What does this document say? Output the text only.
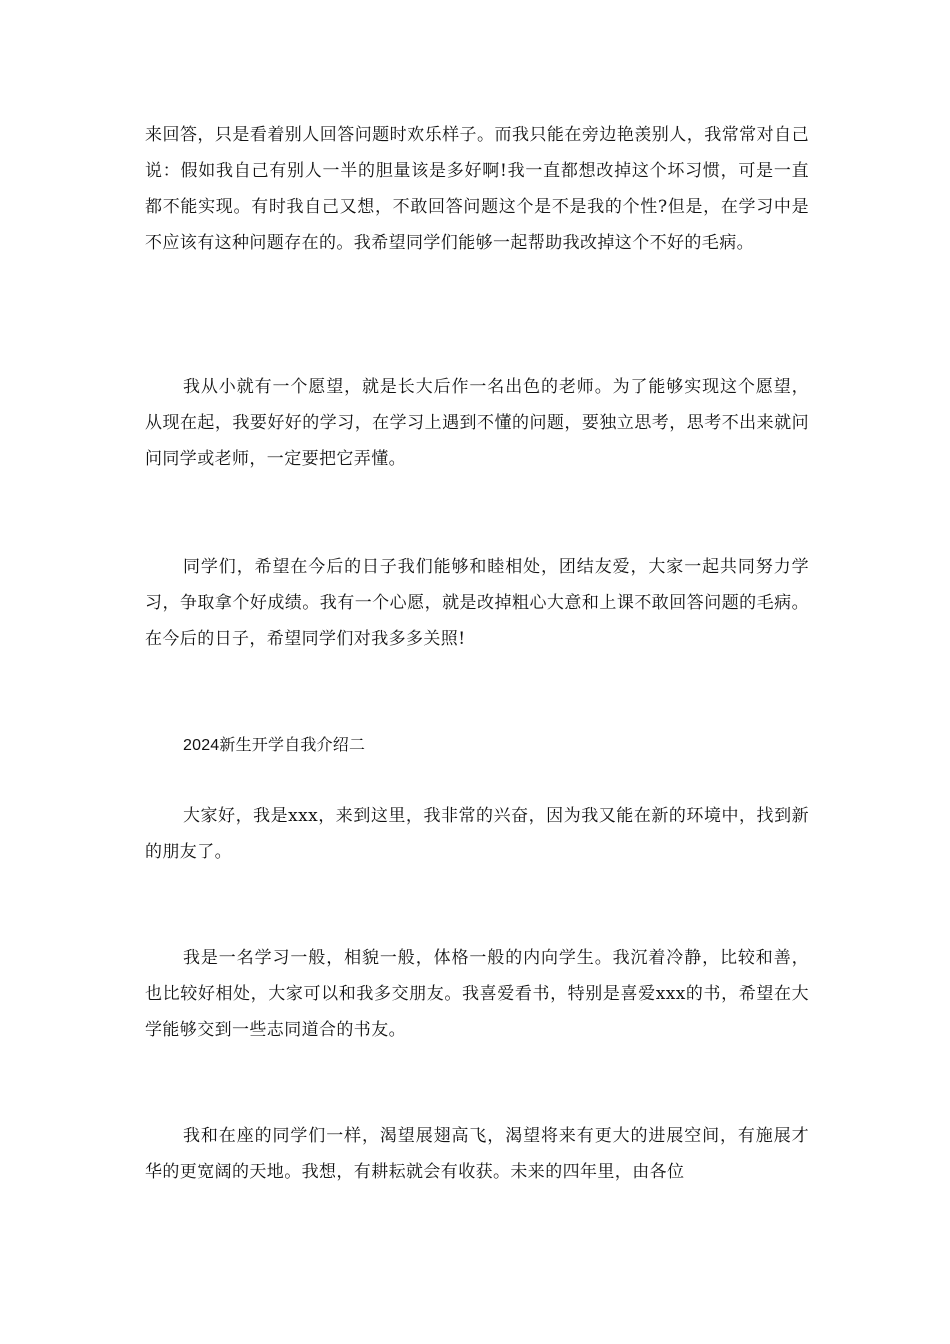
来回答，只是看着别人回答问题时欢乐样子。而我只能在旁边艳羡别人，我常常对自己说：假如我自己有别人一半的胆量该是多好啊!我一直都想改掉这个坏习惯，可是一直都不能实现。有时我自己又想，不敢回答问题这个是不是我的个性?但是，在学习中是不应该有这种问题存在的。我希望同学们能够一起帮助我改掉这个不好的毛病。

我从小就有一个愿望，就是长大后作一名出色的老师。为了能够实现这个愿望，从现在起，我要好好的学习，在学习上遇到不懂的问题，要独立思考，思考不出来就问问同学或老师，一定要把它弄懂。

同学们，希望在今后的日子我们能够和睦相处，团结友爱，大家一起共同努力学习，争取拿个好成绩。我有一个心愿，就是改掉粗心大意和上课不敢回答问题的毛病。在今后的日子，希望同学们对我多多关照!

2024新生开学自我介绍二

大家好，我是xxx，来到这里，我非常的兴奋，因为我又能在新的环境中，找到新的朋友了。

我是一名学习一般，相貌一般，体格一般的内向学生。我沉着冷静，比较和善，也比较好相处，大家可以和我多交朋友。我喜爱看书，特别是喜爱xxx的书，希望在大学能够交到一些志同道合的书友。

我和在座的同学们一样，渴望展翅高飞，渴望将来有更大的进展空间，有施展才华的更宽阔的天地。我想，有耕耘就会有收获。未来的四年里，由各位
